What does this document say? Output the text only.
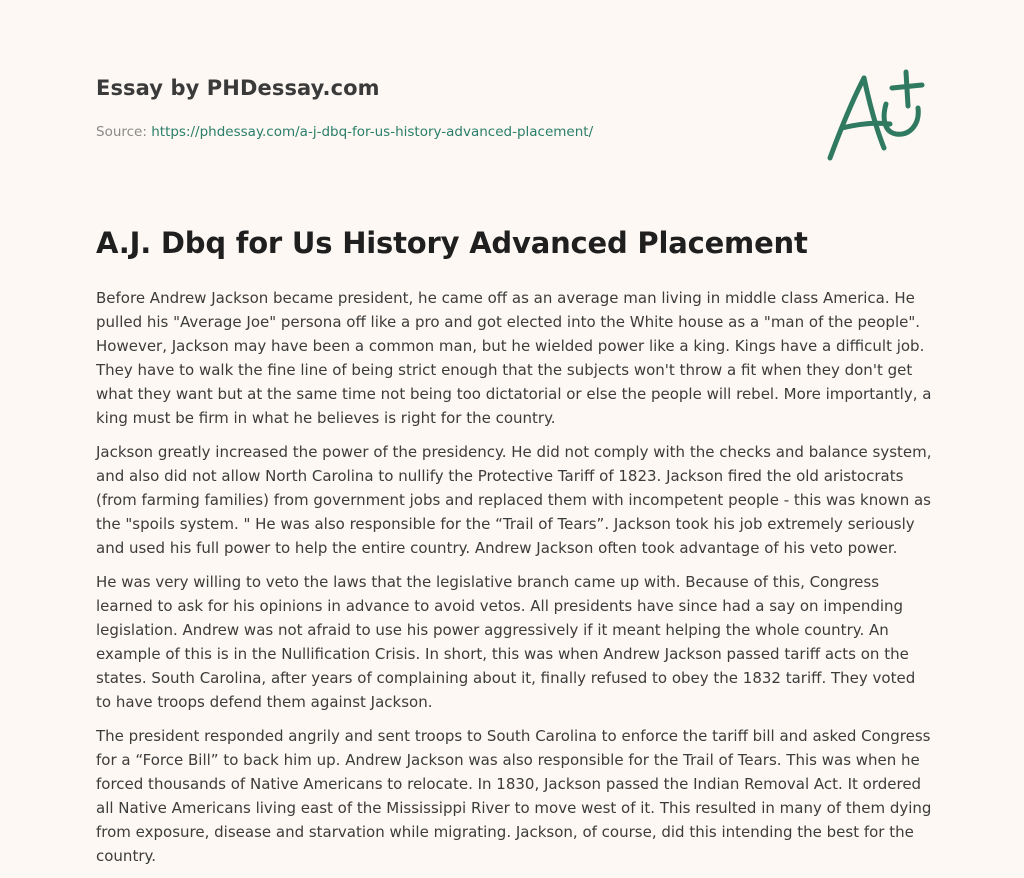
Essay by PHDessay.com
Source: https://phdessay.com/a-j-dbq-for-us-history-advanced-placement/
A.J. Dbq for Us History Advanced Placement

Before Andrew Jackson became president, he came off as an average man living in middle class America. He pulled his "Average Joe" persona off like a pro and got elected into the White house as a "man of the people". However, Jackson may have been a common man, but he wielded power like a king. Kings have a difficult job. They have to walk the fine line of being strict enough that the subjects won't throw a fit when they don't get what they want but at the same time not being too dictatorial or else the people will rebel. More importantly, a king must be firm in what he believes is right for the country.

Jackson greatly increased the power of the presidency. He did not comply with the checks and balance system, and also did not allow North Carolina to nullify the Protective Tariff of 1823. Jackson fired the old aristocrats (from farming families) from government jobs and replaced them with incompetent people - this was known as the "spoils system. " He was also responsible for the “Trail of Tears”. Jackson took his job extremely seriously and used his full power to help the entire country. Andrew Jackson often took advantage of his veto power.

He was very willing to veto the laws that the legislative branch came up with. Because of this, Congress learned to ask for his opinions in advance to avoid vetos. All presidents have since had a say on impending legislation. Andrew was not afraid to use his power aggressively if it meant helping the whole country. An example of this is in the Nullification Crisis. In short, this was when Andrew Jackson passed tariff acts on the states. South Carolina, after years of complaining about it, finally refused to obey the 1832 tariff. They voted to have troops defend them against Jackson.

The president responded angrily and sent troops to South Carolina to enforce the tariff bill and asked Congress for a “Force Bill” to back him up. Andrew Jackson was also responsible for the Trail of Tears. This was when he forced thousands of Native Americans to relocate. In 1830, Jackson passed the Indian Removal Act. It ordered all Native Americans living east of the Mississippi River to move west of it. This resulted in many of them dying from exposure, disease and starvation while migrating. Jackson, of course, did this intending the best for the country.
